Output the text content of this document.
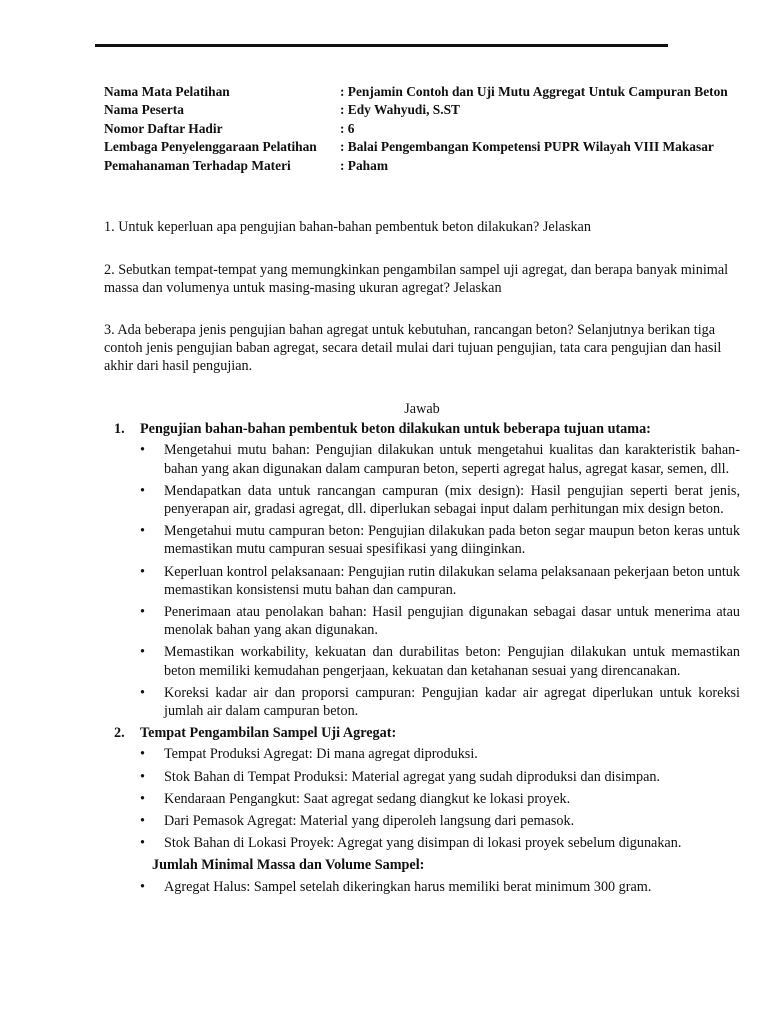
Nama Mata Pelatihan	: Penjamin Contoh dan Uji Mutu Aggregat Untuk Campuran Beton
Nama Peserta	: Edy Wahyudi, S.ST
Nomor Daftar Hadir	: 6
Lembaga Penyelenggaraan Pelatihan	: Balai Pengembangan Kompetensi PUPR Wilayah VIII Makasar
Pemahanaman Terhadap Materi	: Paham

1. Untuk keperluan apa pengujian bahan-bahan pembentuk beton dilakukan? Jelaskan

2. Sebutkan tempat-tempat yang memungkinkan pengambilan sampel uji agregat, dan berapa banyak minimal massa dan volumenya untuk masing-masing ukuran agregat? Jelaskan

3. Ada beberapa jenis pengujian bahan agregat untuk kebutuhan, rancangan beton? Selanjutnya berikan tiga contoh jenis pengujian baban agregat, secara detail mulai dari tujuan pengujian, tata cara pengujian dan hasil akhir dari hasil pengujian.

Jawab
1.	Pengujian bahan-bahan pembentuk beton dilakukan untuk beberapa tujuan utama:
• Mengetahui mutu bahan: Pengujian dilakukan untuk mengetahui kualitas dan karakteristik bahan-bahan yang akan digunakan dalam campuran beton, seperti agregat halus, agregat kasar, semen, dll.
• Mendapatkan data untuk rancangan campuran (mix design): Hasil pengujian seperti berat jenis, penyerapan air, gradasi agregat, dll. diperlukan sebagai input dalam perhitungan mix design beton.
• Mengetahui mutu campuran beton: Pengujian dilakukan pada beton segar maupun beton keras untuk memastikan mutu campuran sesuai spesifikasi yang diinginkan.
• Keperluan kontrol pelaksanaan: Pengujian rutin dilakukan selama pelaksanaan pekerjaan beton untuk memastikan konsistensi mutu bahan dan campuran.
• Penerimaan atau penolakan bahan: Hasil pengujian digunakan sebagai dasar untuk menerima atau menolak bahan yang akan digunakan.
• Memastikan workability, kekuatan dan durabilitas beton: Pengujian dilakukan untuk memastikan beton memiliki kemudahan pengerjaan, kekuatan dan ketahanan sesuai yang direncanakan.
• Koreksi kadar air dan proporsi campuran: Pengujian kadar air agregat diperlukan untuk koreksi jumlah air dalam campuran beton.
2.	Tempat Pengambilan Sampel Uji Agregat:
• Tempat Produksi Agregat: Di mana agregat diproduksi.
• Stok Bahan di Tempat Produksi: Material agregat yang sudah diproduksi dan disimpan.
• Kendaraan Pengangkut: Saat agregat sedang diangkut ke lokasi proyek.
• Dari Pemasok Agregat: Material yang diperoleh langsung dari pemasok.
• Stok Bahan di Lokasi Proyek: Agregat yang disimpan di lokasi proyek sebelum digunakan.
Jumlah Minimal Massa dan Volume Sampel:
• Agregat Halus: Sampel setelah dikeringkan harus memiliki berat minimum 300 gram.
